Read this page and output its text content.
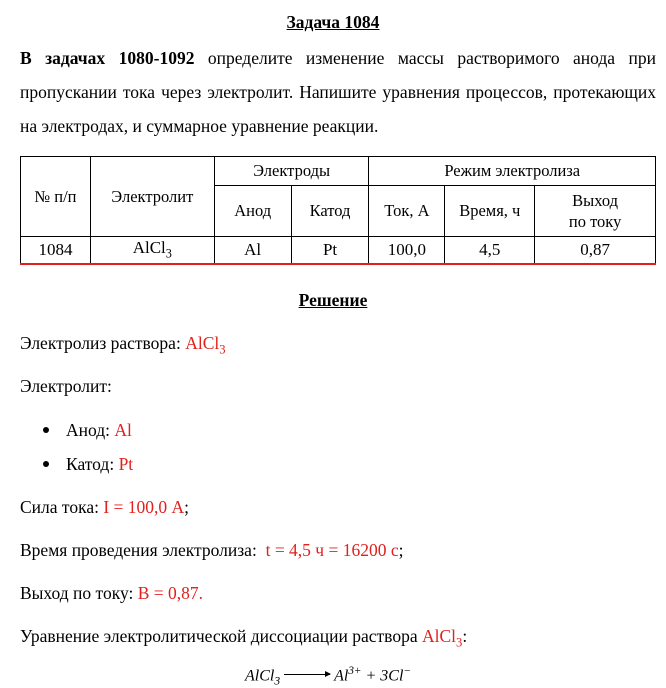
Задача 1084
В задачах 1080-1092 определите изменение массы растворимого анода при пропускании тока через электролит. Напишите уравнения процессов, протекающих на электродах, и суммарное уравнение реакции.
№ п/п	Электролит	Электроды		Режим электролиза		
		Анод	Катод	Ток, А	Время, ч	Выход
по току

1084	AlCl$_3$	Al	Pt	100,0	4,5	0,87
Решение
Электролиз раствора: AlCl$_3$
Электролит:
Анод: Al
Катод: Pt
Сила тока: I = 100,0 А;
Время проведения электролиза:  t = 4,5 ч = 16200 с;
Выход по току: B = 0,87.
Уравнение электролитической диссоциации раствора AlCl$_3$:
AlCl$_3$	$Al^{3+} + 3Cl^-$
